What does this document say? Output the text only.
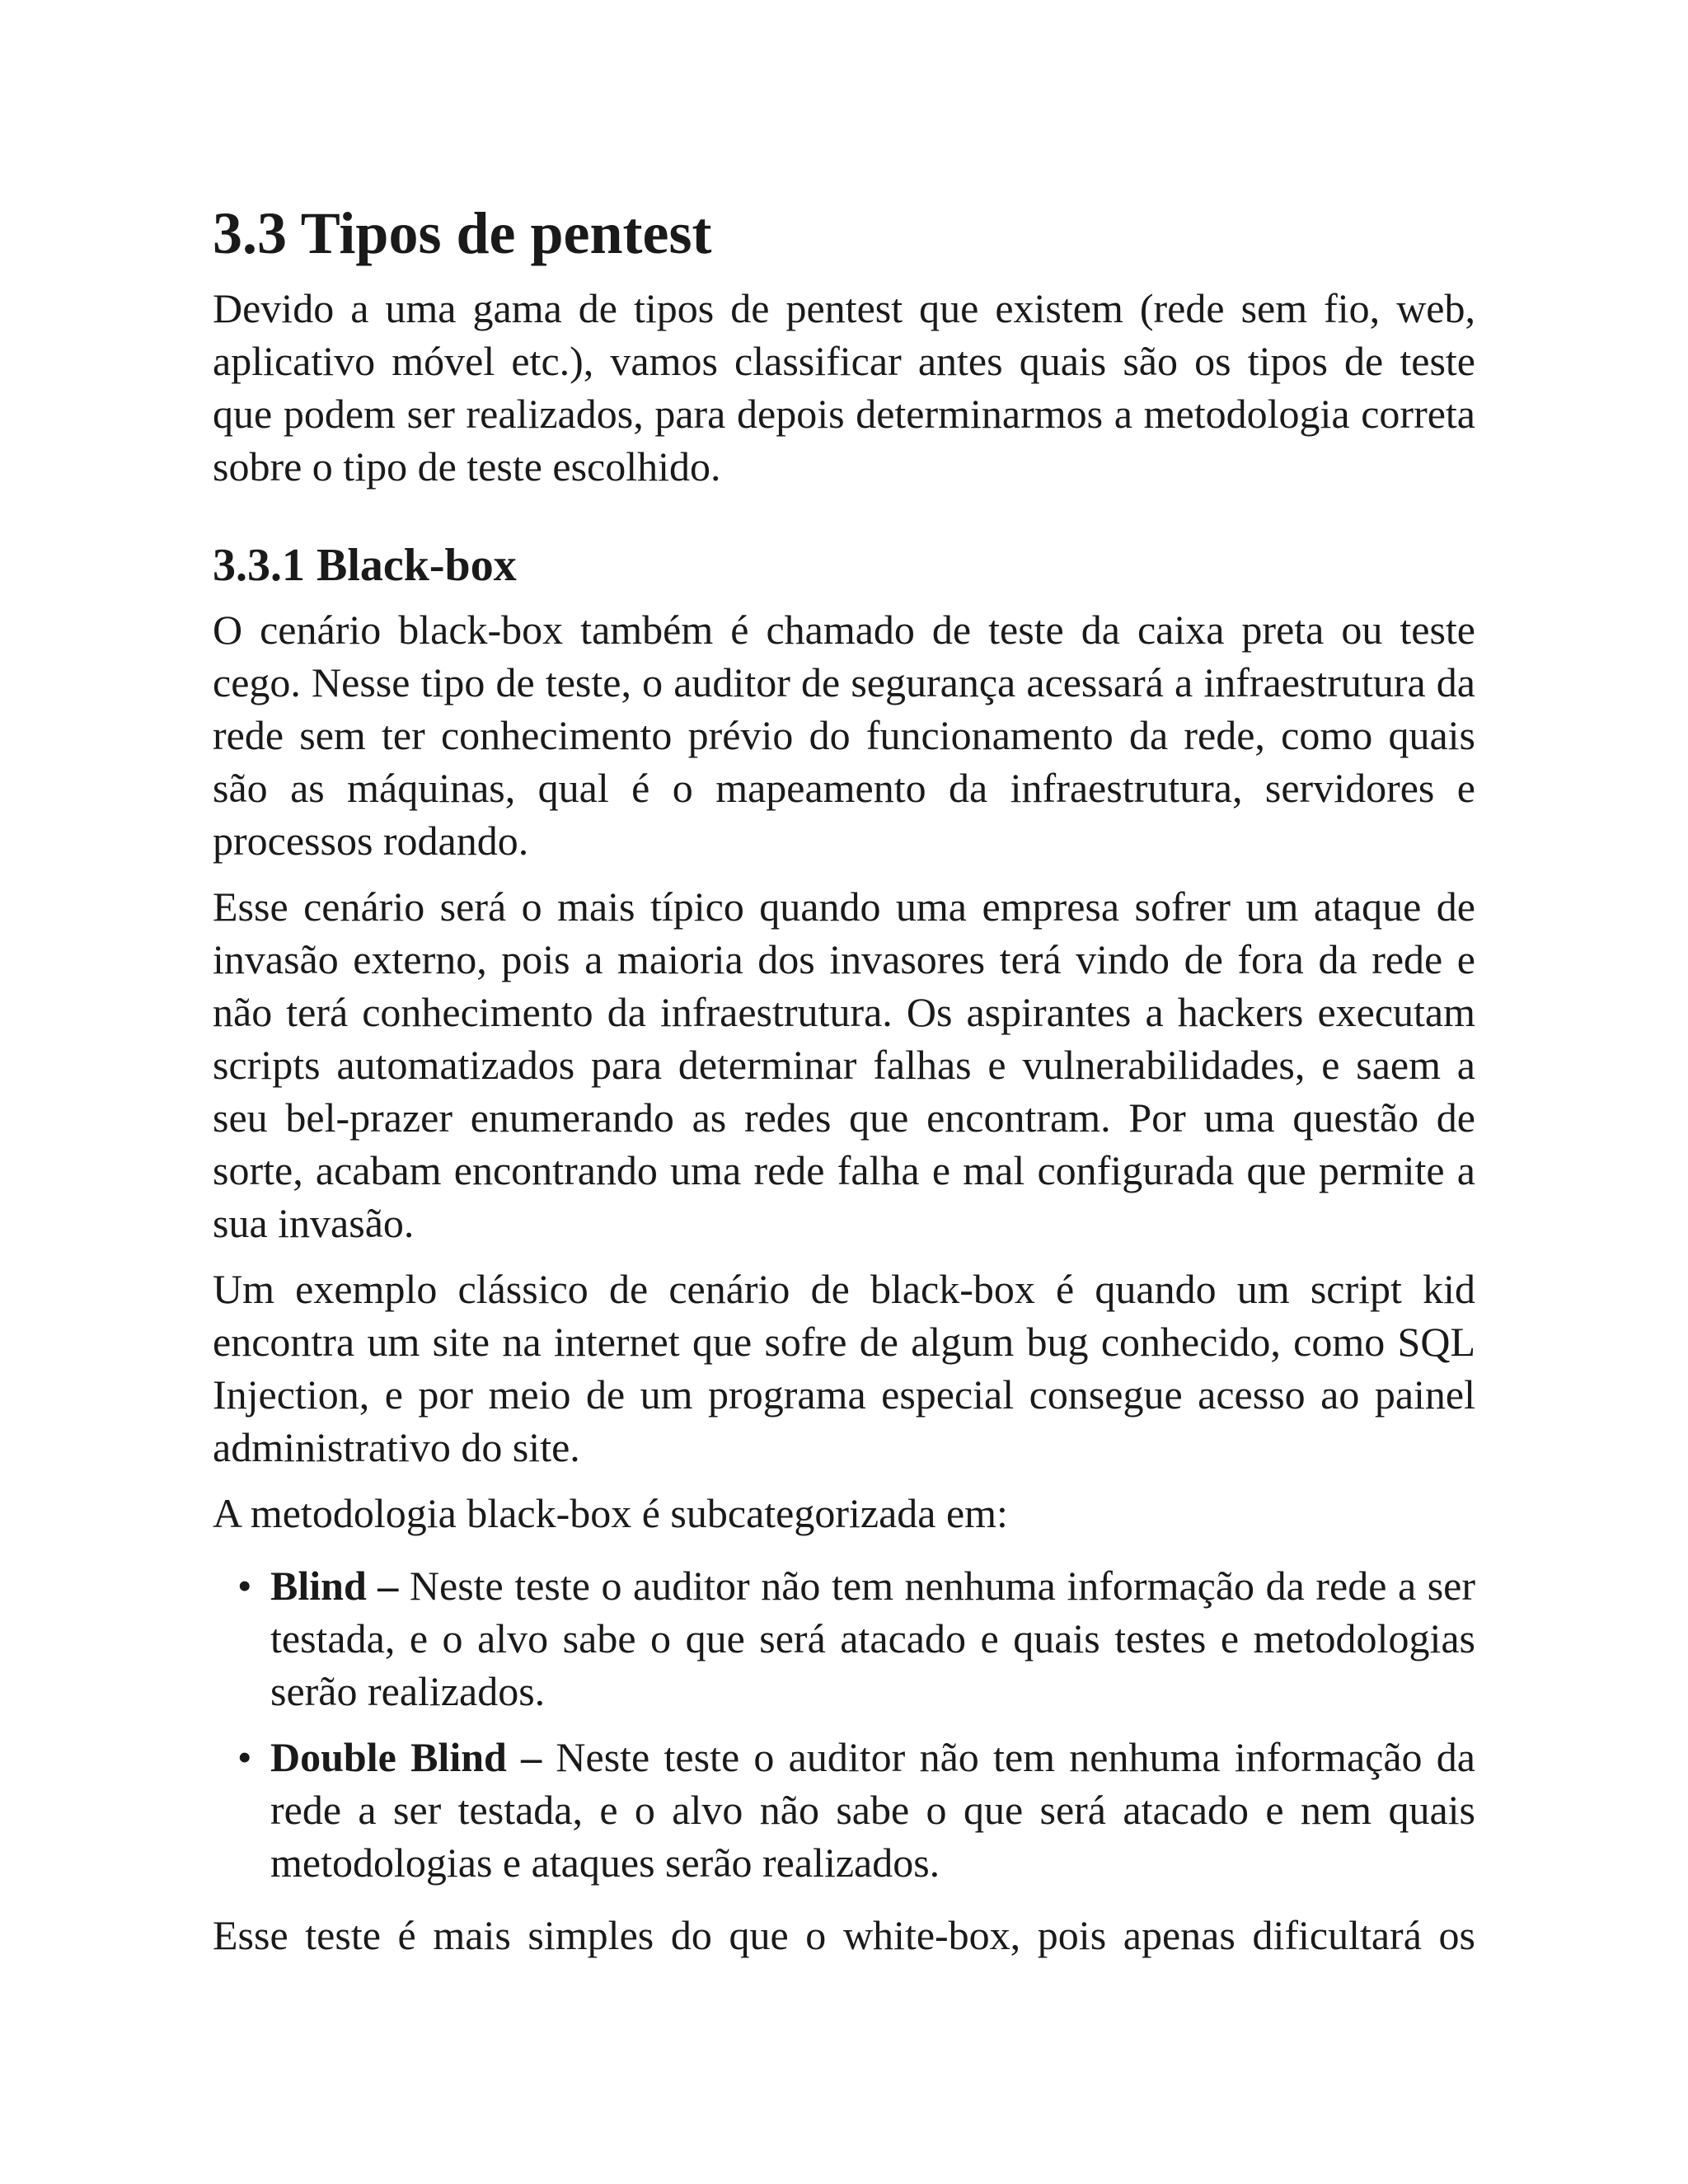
3.3 Tipos de pentest

Devido a uma gama de tipos de pentest que existem (rede sem fio, web, aplicativo móvel etc.), vamos classificar antes quais são os tipos de teste que podem ser realizados, para depois determinarmos a metodologia correta sobre o tipo de teste escolhido.

3.3.1 Black-box

O cenário black-box também é chamado de teste da caixa preta ou teste cego. Nesse tipo de teste, o auditor de segurança acessará a infraestrutura da rede sem ter conhecimento prévio do funcionamento da rede, como quais são as máquinas, qual é o mapeamento da infraestrutura, servidores e processos rodando.

Esse cenário será o mais típico quando uma empresa sofrer um ataque de invasão externo, pois a maioria dos invasores terá vindo de fora da rede e não terá conhecimento da infraestrutura. Os aspirantes a hackers executam scripts automatizados para determinar falhas e vulnerabilidades, e saem a seu bel-prazer enumerando as redes que encontram. Por uma questão de sorte, acabam encontrando uma rede falha e mal configurada que permite a sua invasão.

Um exemplo clássico de cenário de black-box é quando um script kid encontra um site na internet que sofre de algum bug conhecido, como SQL Injection, e por meio de um programa especial consegue acesso ao painel administrativo do site.

A metodologia black-box é subcategorizada em:

• Blind – Neste teste o auditor não tem nenhuma informação da rede a ser testada, e o alvo sabe o que será atacado e quais testes e metodologias serão realizados.
• Double Blind – Neste teste o auditor não tem nenhuma informação da rede a ser testada, e o alvo não sabe o que será atacado e nem quais metodologias e ataques serão realizados.

Esse teste é mais simples do que o white-box, pois apenas dificultará os
